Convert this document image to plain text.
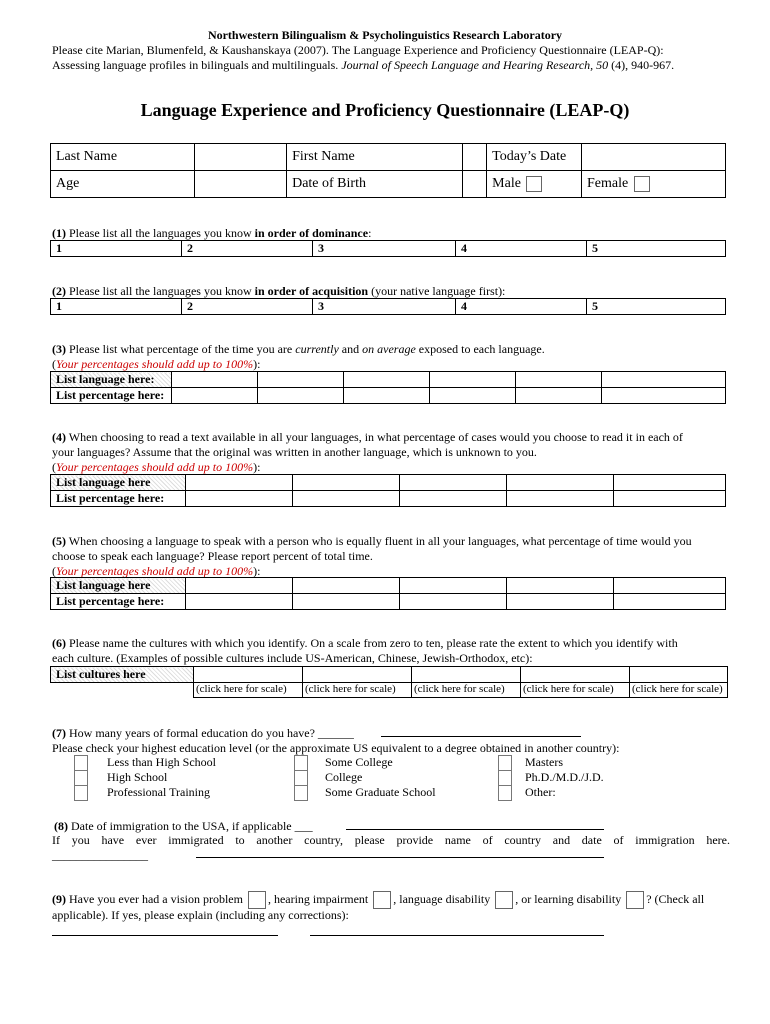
Northwestern Bilingualism & Psycholinguistics Research Laboratory
Please cite Marian, Blumenfeld, & Kaushanskaya (2007). The Language Experience and Proficiency Questionnaire (LEAP-Q):
Assessing language profiles in bilinguals and multilinguals. Journal of Speech Language and Hearing Research, 50 (4), 940-967.
Language Experience and Proficiency Questionnaire (LEAP-Q)
Last Name		First Name		Today’s Date	
Age		Date of Birth		Male	Female
(1) Please list all the languages you know in order of dominance:
1	2	3	4	5
(2) Please list all the languages you know in order of acquisition (your native language first):
1	2	3	4	5
(3) Please list what percentage of the time you are currently and on average exposed to each language.
(Your percentages should add up to 100%):
List language here:						
List percentage here:						
(4) When choosing to read a text available in all your languages, in what percentage of cases would you choose to read it in each of
your languages? Assume that the original was written in another language, which is unknown to you.
(Your percentages should add up to 100%):
List language here					
List percentage here:					
(5) When choosing a language to speak with a person who is equally fluent in all your languages, what percentage of time would you
choose to speak each language? Please report percent of total time.
(Your percentages should add up to 100%):
List language here					
List percentage here:					
(6) Please name the cultures with which you identify. On a scale from zero to ten, please rate the extent to which you identify with
each culture. (Examples of possible cultures include US-American, Chinese, Jewish-Orthodox, etc):
List cultures here					
	(click here for scale)	(click here for scale)	(click here for scale)	(click here for scale)	(click here for scale)
(7) How many years of formal education do you have? ______
Please check your highest education level (or the approximate US equivalent to a degree obtained in another country):
Less than High School
High School
Professional Training
Some College
College
Some Graduate School
Masters
Ph.D./M.D./J.D.
Other:
(8) Date of immigration to the USA, if applicable ___
If you have ever immigrated to another country, please provide name of country and date of immigration here.
________________
(9) Have you ever had a vision problem , hearing impairment , language disability , or learning disability ? (Check all
applicable). If yes, please explain (including any corrections):
